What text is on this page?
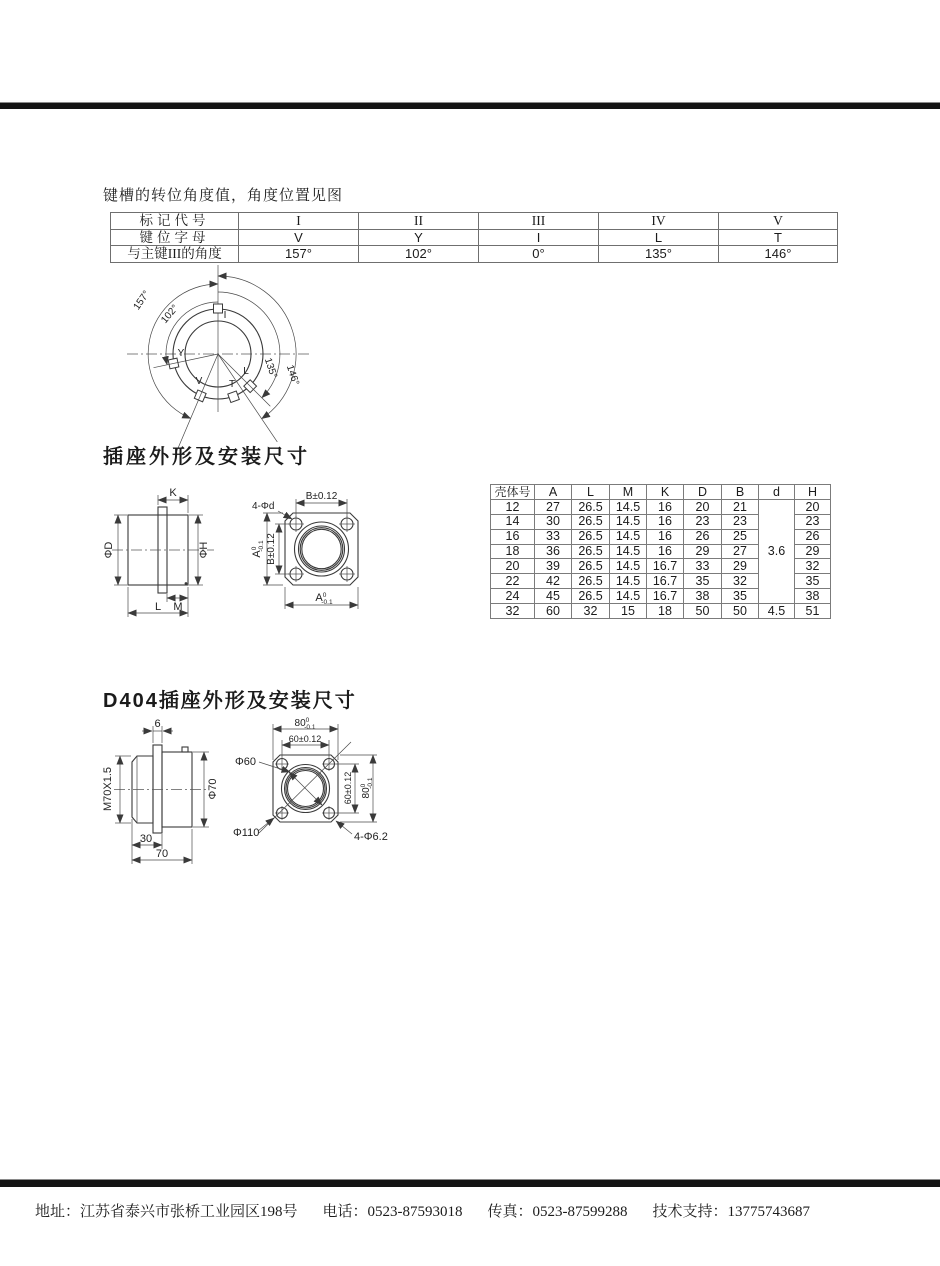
键槽的转位角度值，角度位置见图
标记代号	I	II	III	IV	V
键位字母	V	Y	I	L	T
与主键III的角度	157°	102°	0°	135°	146°
157°
102°
135° 146°
I
Y
V	T
L
插座外形及安装尺寸
K
ΦD	ΦH
M
L
B±0.12
4-Φd
$A^0-0.1$ B±0.12
$A^0$ -0.1
壳体号	A	L	M	K	D	B	d	H
12	27	26.5	14.5	16	20	21	3.6	20
14	30	26.5	14.5	16	23	23		23
16	33	26.5	14.5	16	26	25		26
18	36	26.5	14.5	16	29	27		29
20	39	26.5	14.5	16.7	33	29		32
22	42	26.5	14.5	16.7	35	32		35
24	45	26.5	14.5	16.7	38	35		38
32	60	32	15	18	50	50	4.5	51
D404插座外形及安装尺寸
6
M70X1.5	Φ70
30
70
$80^0$ -0.1
60±0.12
Φ60
Φ110	4-Φ6.2
60±0.12 $80^0-0.1$
地址：江苏省泰兴市张桥工业园区198号 电话：0523-87593018 传真：0523-87599288 技术支持：13775743687
